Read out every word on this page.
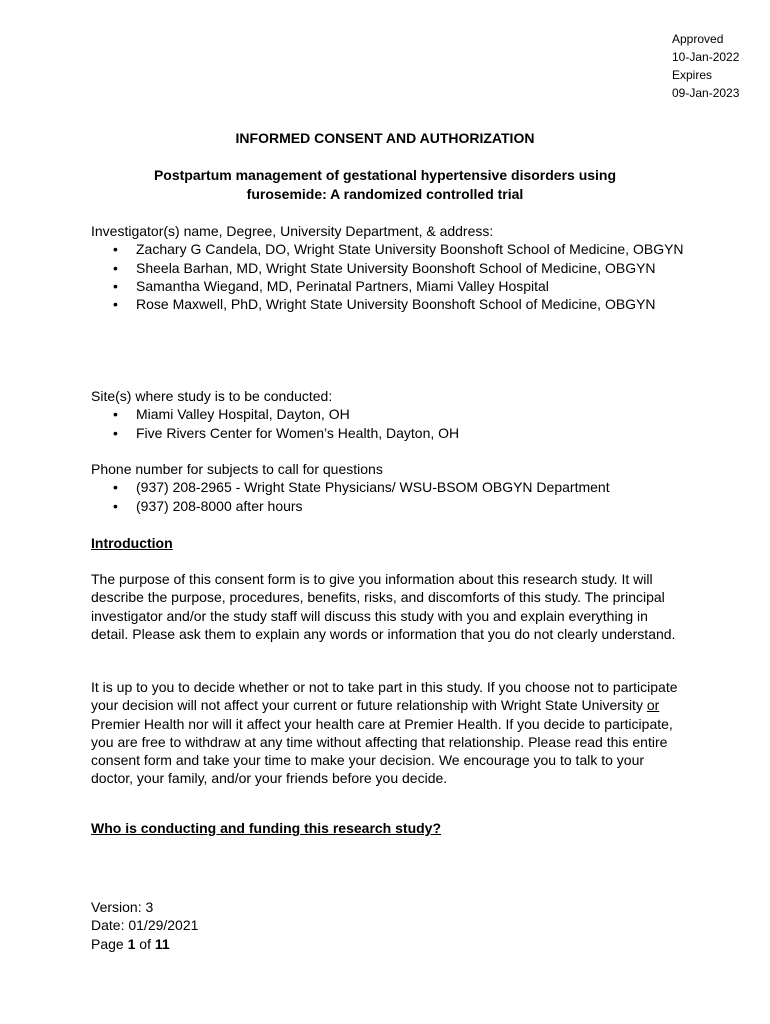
Approved
10-Jan-2022
Expires
09-Jan-2023
INFORMED CONSENT AND AUTHORIZATION
Postpartum management of gestational hypertensive disorders using
furosemide: A randomized controlled trial

Investigator(s) name, Degree, University Department, & address:

• Zachary G Candela, DO, Wright State University Boonshoft School of Medicine, OBGYN
• Sheela Barhan, MD, Wright State University Boonshoft School of Medicine, OBGYN
• Samantha Wiegand, MD, Perinatal Partners, Miami Valley Hospital
• Rose Maxwell, PhD, Wright State University Boonshoft School of Medicine, OBGYN

Site(s) where study is to be conducted:

• Miami Valley Hospital, Dayton, OH
• Five Rivers Center for Women’s Health, Dayton, OH

Phone number for subjects to call for questions

• (937) 208-2965 - Wright State Physicians/ WSU-BSOM OBGYN Department
• (937) 208-8000 after hours
Introduction

The purpose of this consent form is to give you information about this research study. It will describe the purpose, procedures, benefits, risks, and discomforts of this study. The principal investigator and/or the study staff will discuss this study with you and explain everything in detail. Please ask them to explain any words or information that you do not clearly understand.

It is up to you to decide whether or not to take part in this study. If you choose not to participate your decision will not affect your current or future relationship with Wright State University or Premier Health nor will it affect your health care at Premier Health. If you decide to participate, you are free to withdraw at any time without affecting that relationship. Please read this entire consent form and take your time to make your decision. We encourage you to talk to your doctor, your family, and/or your friends before you decide.

Who is conducting and funding this research study?
Version: 3
Date: 01/29/2021
Page 1 of 11
